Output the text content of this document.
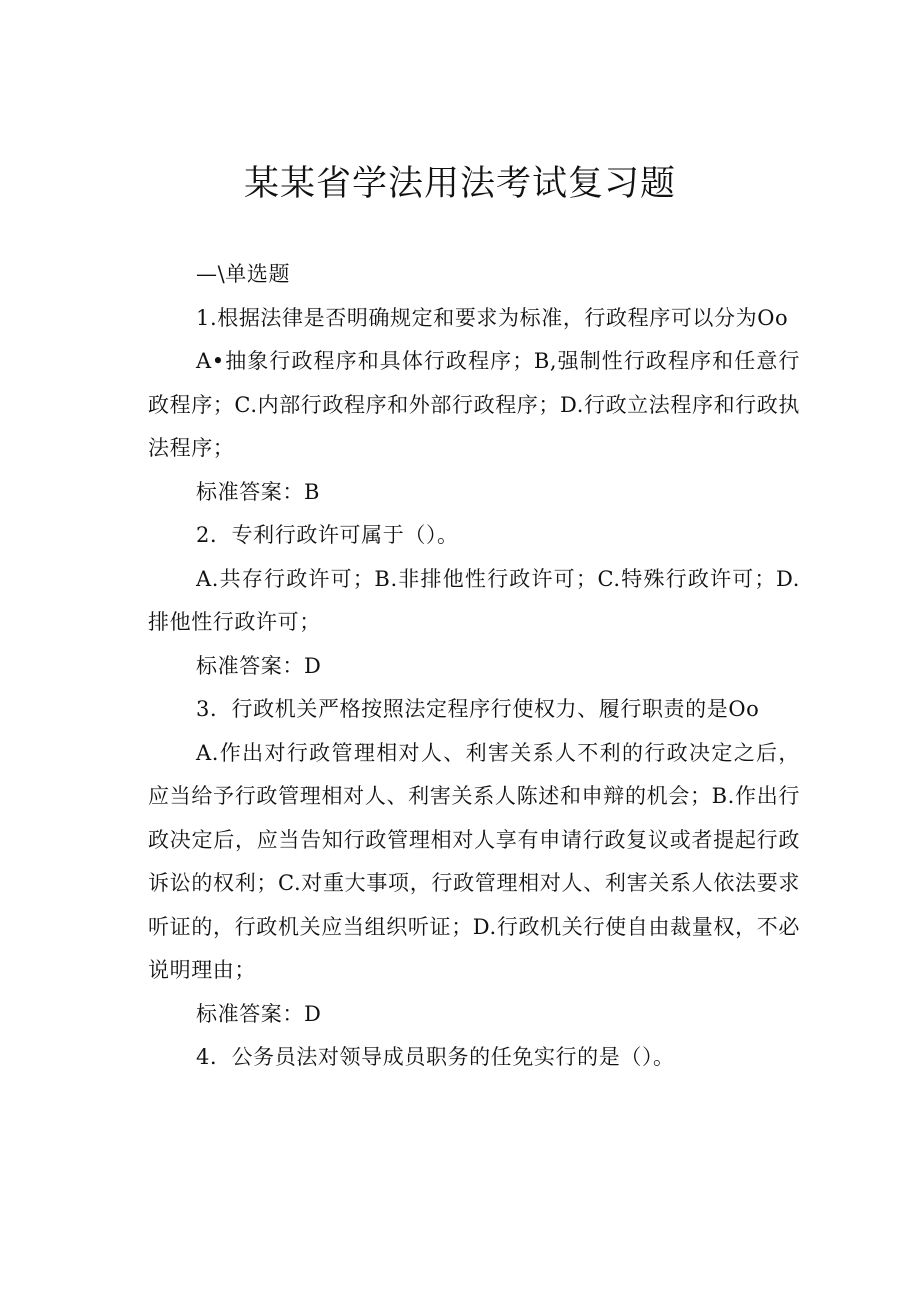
某某省学法用法考试复习题

—\单选题

1.根据法律是否明确规定和要求为标准，行政程序可以分为Oo

A•抽象行政程序和具体行政程序；B,强制性行政程序和任意行政程序；C.内部行政程序和外部行政程序；D.行政立法程序和行政执法程序；

标准答案：B

2．专利行政许可属于（）。

A.共存行政许可；B.非排他性行政许可；C.特殊行政许可；D.排他性行政许可；

标准答案：D

3．行政机关严格按照法定程序行使权力、履行职责的是Oo

A.作出对行政管理相对人、利害关系人不利的行政决定之后，应当给予行政管理相对人、利害关系人陈述和申辩的机会；B.作出行政决定后，应当告知行政管理相对人享有申请行政复议或者提起行政诉讼的权利；C.对重大事项，行政管理相对人、利害关系人依法要求听证的，行政机关应当组织听证；D.行政机关行使自由裁量权，不必说明理由；

标准答案：D

4．公务员法对领导成员职务的任免实行的是（）。
